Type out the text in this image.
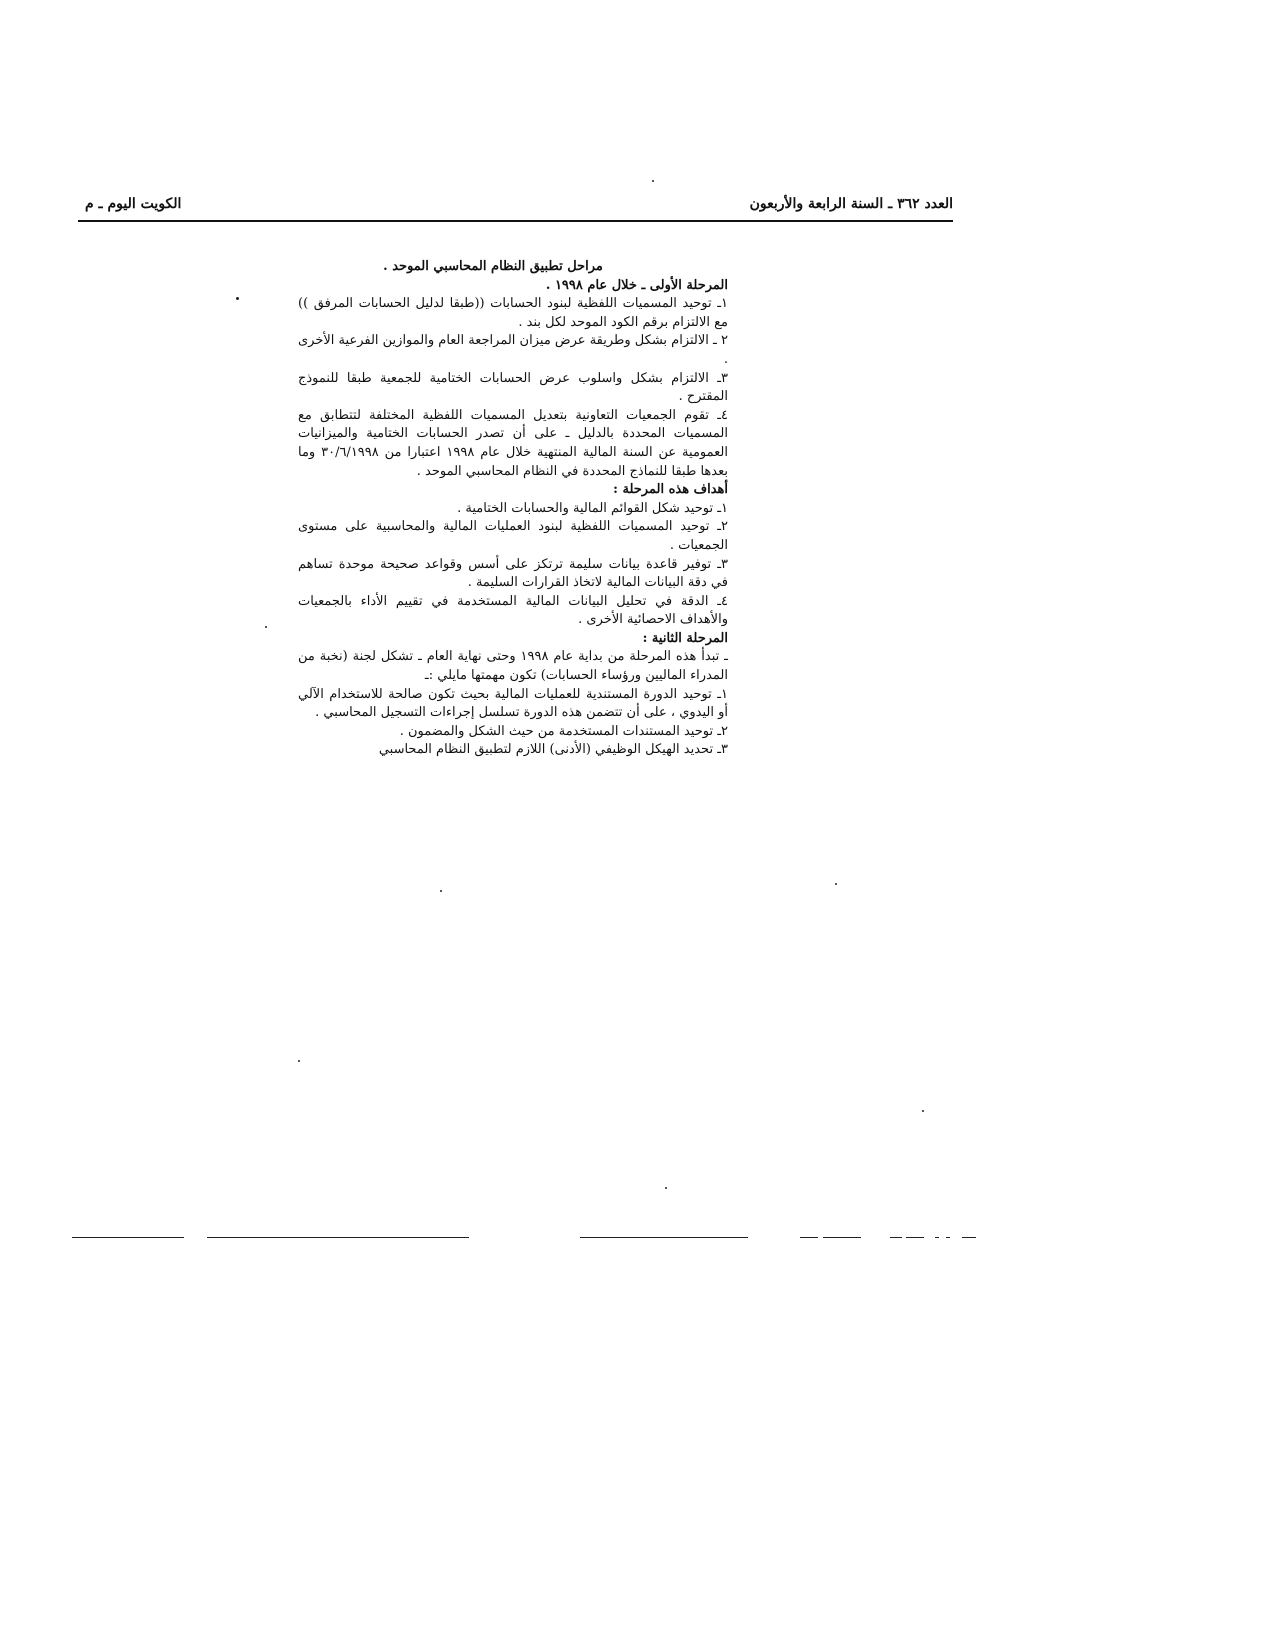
الكويت اليوم ـ م	العدد ٣٦٢ ـ السنة الرابعة والأربعون

مراحل تطبيق النظام المحاسبي الموحد .

المرحلة الأولى ـ خلال عام ١٩٩٨ .

١ـ توحيد المسميات اللفظية لبنود الحسابات ((طبقا لدليل الحسابات المرفق )) مع الالتزام برقم الكود الموحد لكل بند .

٢ ـ الالتزام بشكل وطريقة عرض ميزان المراجعة العام والموازين الفرعية الأخرى .

٣ـ الالتزام بشكل واسلوب عرض الحسابات الختامية للجمعية طبقا للنموذج المقترح .

٤ـ تقوم الجمعيات التعاونية بتعديل المسميات اللفظية المختلفة لتتطابق مع المسميات المحددة بالدليل ـ على أن تصدر الحسابات الختامية والميزانيات العمومية عن السنة المالية المنتهية خلال عام ١٩٩٨ اعتبارا من ٣٠/٦/١٩٩٨ وما بعدها طبقا للنماذج المحددة في النظام المحاسبي الموحد .

أهداف هذه المرحلة :

١ـ توحيد شكل القوائم المالية والحسابات الختامية .

٢ـ توحيد المسميات اللفظية لبنود العمليات المالية والمحاسبية على مستوى الجمعيات .

٣ـ توفير قاعدة بيانات سليمة ترتكز على أسس وقواعد صحيحة موحدة تساهم في دقة البيانات المالية لاتخاذ القرارات السليمة .

٤ـ الدقة في تحليل البيانات المالية المستخدمة في تقييم الأداء بالجمعيات والأهداف الاحصائية الأخرى .

المرحلة الثانية :

ـ تبدأ هذه المرحلة من بداية عام ١٩٩٨ وحتى نهاية العام ـ تشكل لجنة (نخبة من المدراء الماليين ورؤساء الحسابات) تكون مهمتها مايلي :ـ

١ـ توحيد الدورة المستندية للعمليات المالية بحيث تكون صالحة للاستخدام الآلي أو اليدوي ، على أن تتضمن هذه الدورة تسلسل إجراءات التسجيل المحاسبي .

٢ـ توحيد المستندات المستخدمة من حيث الشكل والمضمون .

٣ـ تحديد الهيكل الوظيفي (الأدنى) اللازم لتطبيق النظام المحاسبي
